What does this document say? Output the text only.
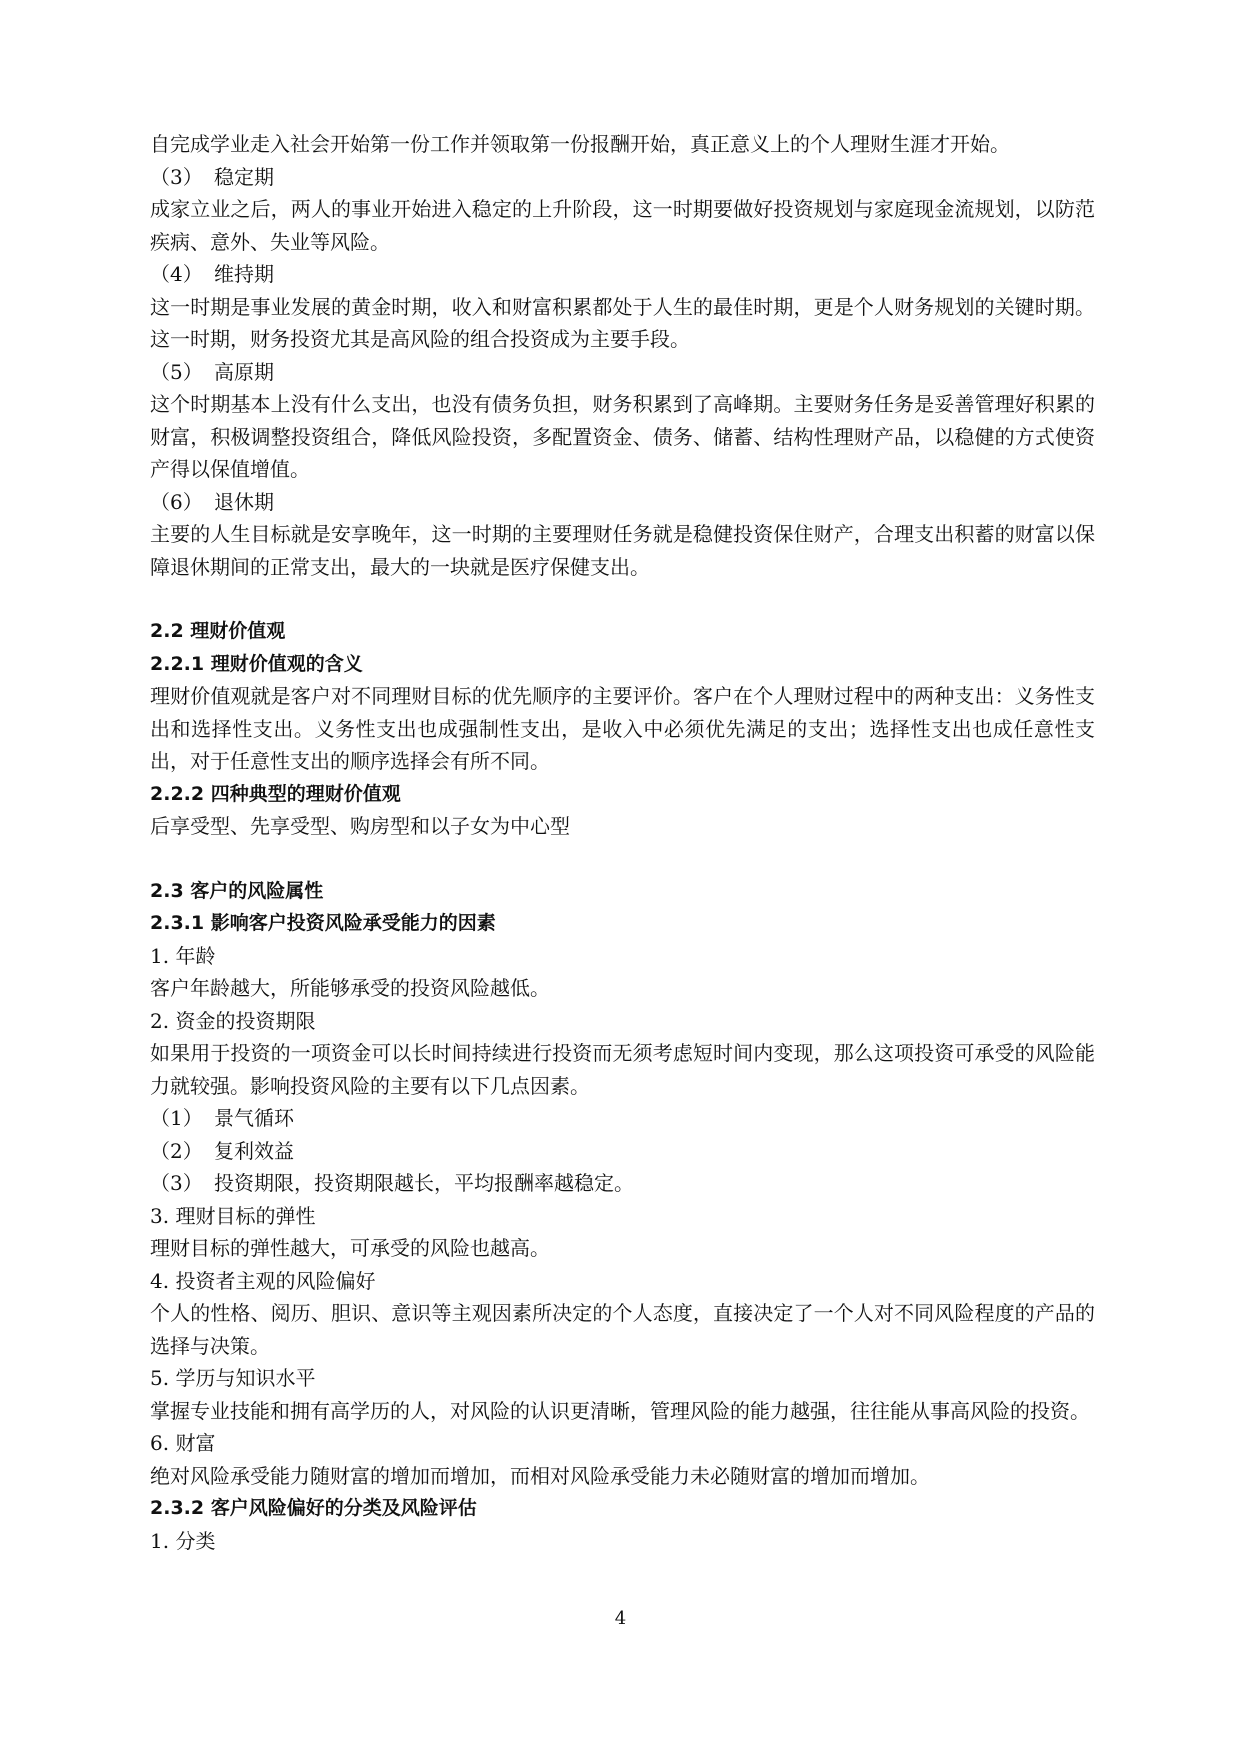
自完成学业走入社会开始第一份工作并领取第一份报酬开始，真正意义上的个人理财生涯才开始。

（3） 稳定期

成家立业之后，两人的事业开始进入稳定的上升阶段，这一时期要做好投资规划与家庭现金流规划，以防范疾病、意外、失业等风险。

（4） 维持期

这一时期是事业发展的黄金时期，收入和财富积累都处于人生的最佳时期，更是个人财务规划的关键时期。这一时期，财务投资尤其是高风险的组合投资成为主要手段。

（5） 高原期

这个时期基本上没有什么支出，也没有债务负担，财务积累到了高峰期。主要财务任务是妥善管理好积累的财富，积极调整投资组合，降低风险投资，多配置资金、债务、储蓄、结构性理财产品，以稳健的方式使资产得以保值增值。

（6） 退休期

主要的人生目标就是安享晚年，这一时期的主要理财任务就是稳健投资保住财产，合理支出积蓄的财富以保障退休期间的正常支出，最大的一块就是医疗保健支出。

2.2 理财价值观
2.2.1 理财价值观的含义

理财价值观就是客户对不同理财目标的优先顺序的主要评价。客户在个人理财过程中的两种支出：义务性支出和选择性支出。义务性支出也成强制性支出，是收入中必须优先满足的支出；选择性支出也成任意性支出，对于任意性支出的顺序选择会有所不同。

2.2.2 四种典型的理财价值观

后享受型、先享受型、购房型和以子女为中心型

2.3 客户的风险属性
2.3.1 影响客户投资风险承受能力的因素

1. 年龄

客户年龄越大，所能够承受的投资风险越低。

2. 资金的投资期限

如果用于投资的一项资金可以长时间持续进行投资而无须考虑短时间内变现，那么这项投资可承受的风险能力就较强。影响投资风险的主要有以下几点因素。

（1） 景气循环

（2） 复利效益

（3） 投资期限，投资期限越长，平均报酬率越稳定。

3. 理财目标的弹性

理财目标的弹性越大，可承受的风险也越高。

4. 投资者主观的风险偏好

个人的性格、阅历、胆识、意识等主观因素所决定的个人态度，直接决定了一个人对不同风险程度的产品的选择与决策。

5. 学历与知识水平

掌握专业技能和拥有高学历的人，对风险的认识更清晰，管理风险的能力越强，往往能从事高风险的投资。

6. 财富

绝对风险承受能力随财富的增加而增加，而相对风险承受能力未必随财富的增加而增加。

2.3.2 客户风险偏好的分类及风险评估

1. 分类

4
